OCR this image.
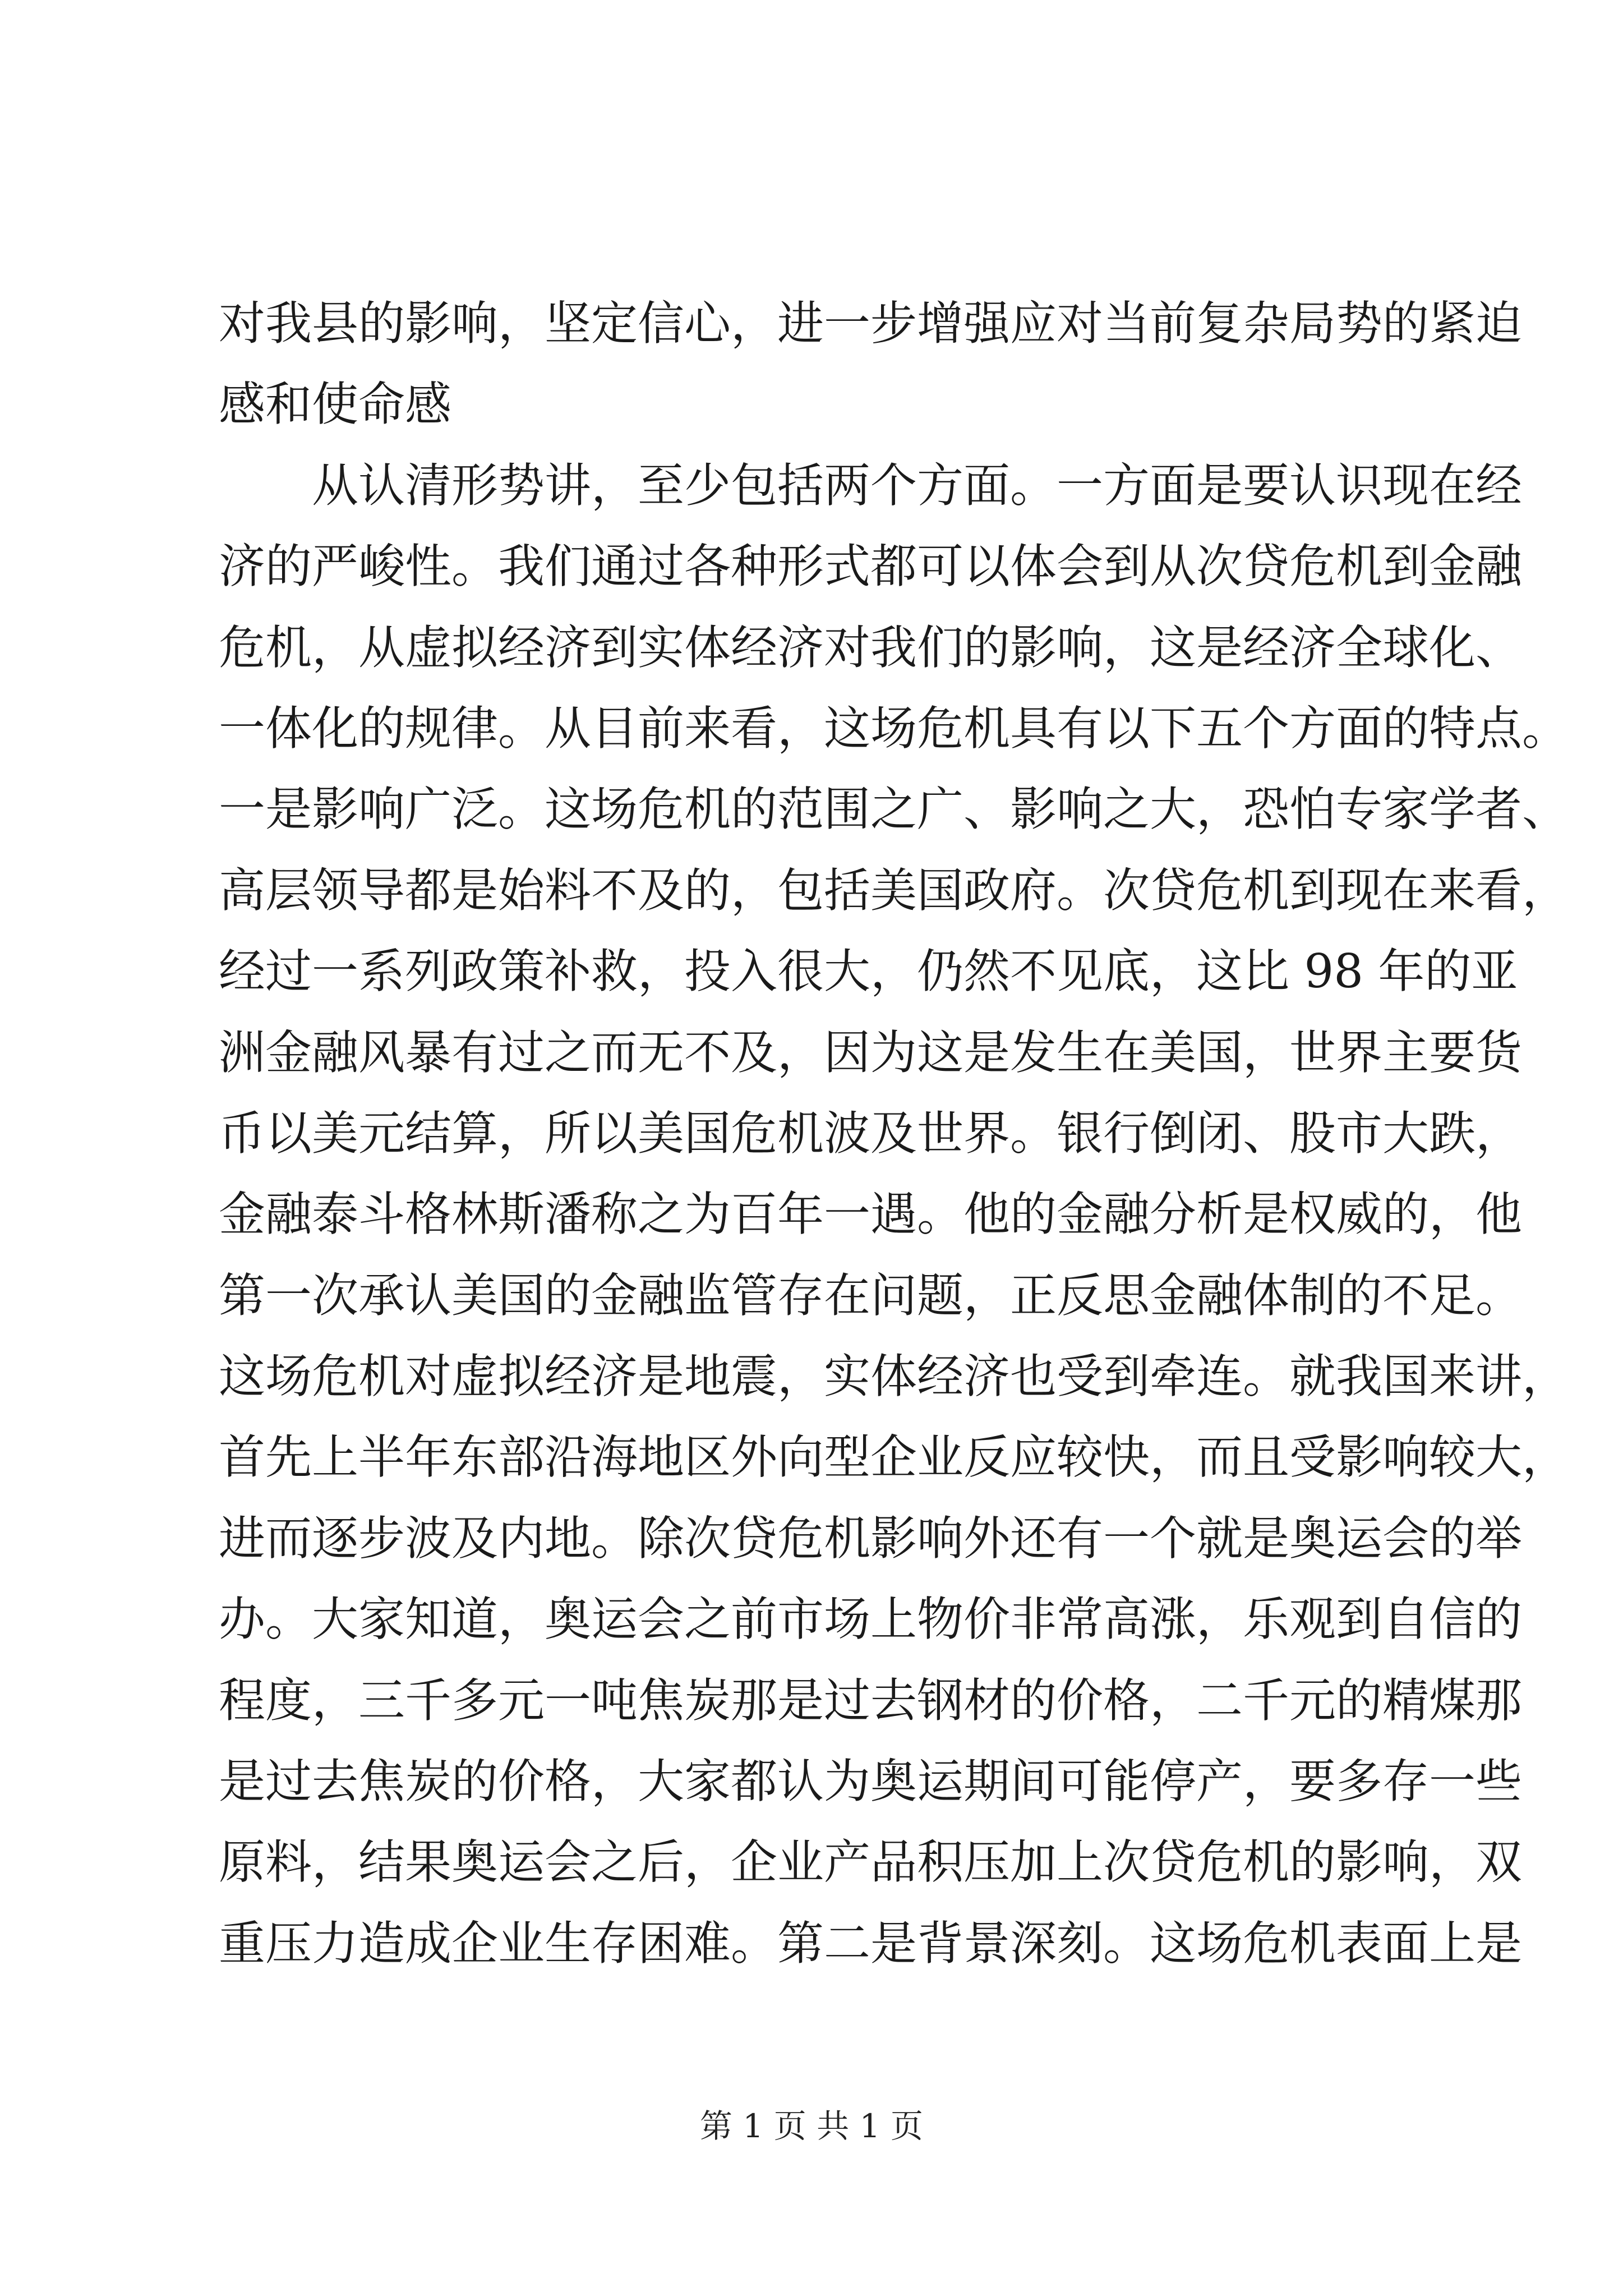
对我县的影响，坚定信心，进一步增强应对当前复杂局势的紧迫
感和使命感
　　从认清形势讲，至少包括两个方面。一方面是要认识现在经
济的严峻性。我们通过各种形式都可以体会到从次贷危机到金融
危机，从虚拟经济到实体经济对我们的影响，这是经济全球化、
一体化的规律。从目前来看，这场危机具有以下五个方面的特点。
一是影响广泛。这场危机的范围之广、影响之大，恐怕专家学者、
高层领导都是始料不及的，包括美国政府。次贷危机到现在来看，
经过一系列政策补救，投入很大，仍然不见底，这比 98 年的亚
洲金融风暴有过之而无不及，因为这是发生在美国，世界主要货
币以美元结算，所以美国危机波及世界。银行倒闭、股市大跌，
金融泰斗格林斯潘称之为百年一遇。他的金融分析是权威的，他
第一次承认美国的金融监管存在问题，正反思金融体制的不足。
这场危机对虚拟经济是地震，实体经济也受到牵连。就我国来讲，
首先上半年东部沿海地区外向型企业反应较快，而且受影响较大，
进而逐步波及内地。除次贷危机影响外还有一个就是奥运会的举
办。大家知道，奥运会之前市场上物价非常高涨，乐观到自信的
程度，三千多元一吨焦炭那是过去钢材的价格，二千元的精煤那
是过去焦炭的价格，大家都认为奥运期间可能停产，要多存一些
原料，结果奥运会之后，企业产品积压加上次贷危机的影响，双
重压力造成企业生存困难。第二是背景深刻。这场危机表面上是
第 1 页 共 1 页
